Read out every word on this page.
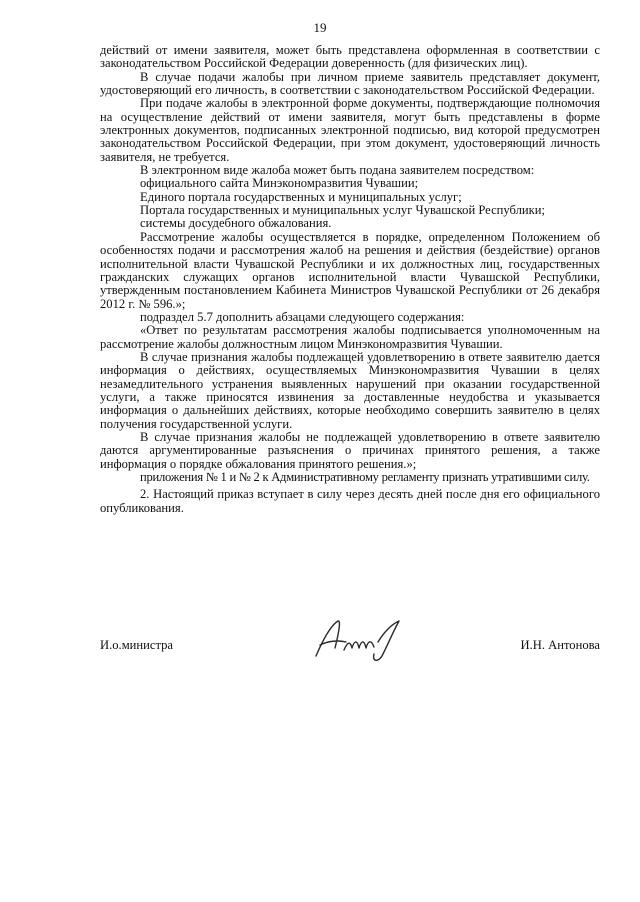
19

действий от имени заявителя, может быть представлена оформленная в соответствии с законодательством Российской Федерации доверенность (для физических лиц).

В случае подачи жалобы при личном приеме заявитель представляет документ, удостоверяющий его личность, в соответствии с законодательством Российской Федерации.

При подаче жалобы в электронной форме документы, подтверждающие полномочия на осуществление действий от имени заявителя, могут быть представлены в форме электронных документов, подписанных электронной подписью, вид которой предусмотрен законодательством Российской Федерации, при этом документ, удостоверяющий личность заявителя, не требуется.

В электронном виде жалоба может быть подана заявителем посредством:

официального сайта Минэкономразвития Чувашии;

Единого портала государственных и муниципальных услуг;

Портала государственных и муниципальных услуг Чувашской Республики;

системы досудебного обжалования.

Рассмотрение жалобы осуществляется в порядке, определенном Положением об особенностях подачи и рассмотрения жалоб на решения и действия (бездействие) органов исполнительной власти Чувашской Республики и их должностных лиц, государственных гражданских служащих органов исполнительной власти Чувашской Республики, утвержденным постановлением Кабинета Министров Чувашской Республики от 26 декабря 2012 г. № 596.»;

подраздел 5.7 дополнить абзацами следующего содержания:

«Ответ по результатам рассмотрения жалобы подписывается уполномоченным на рассмотрение жалобы должностным лицом Минэкономразвития Чувашии.

В случае признания жалобы подлежащей удовлетворению в ответе заявителю дается информация о действиях, осуществляемых Минэкономразвития Чувашии в целях незамедлительного устранения выявленных нарушений при оказании государственной услуги, а также приносятся извинения за доставленные неудобства и указывается информация о дальнейших действиях, которые необходимо совершить заявителю в целях получения государственной услуги.

В случае признания жалобы не подлежащей удовлетворению в ответе заявителю даются аргументированные разъяснения о причинах принятого решения, а также информация о порядке обжалования принятого решения.»;

приложения № 1 и № 2 к Административному регламенту признать утратившими силу.

2. Настоящий приказ вступает в силу через десять дней после дня его официального опубликования.

И.о.министра	И.Н. Антонова
